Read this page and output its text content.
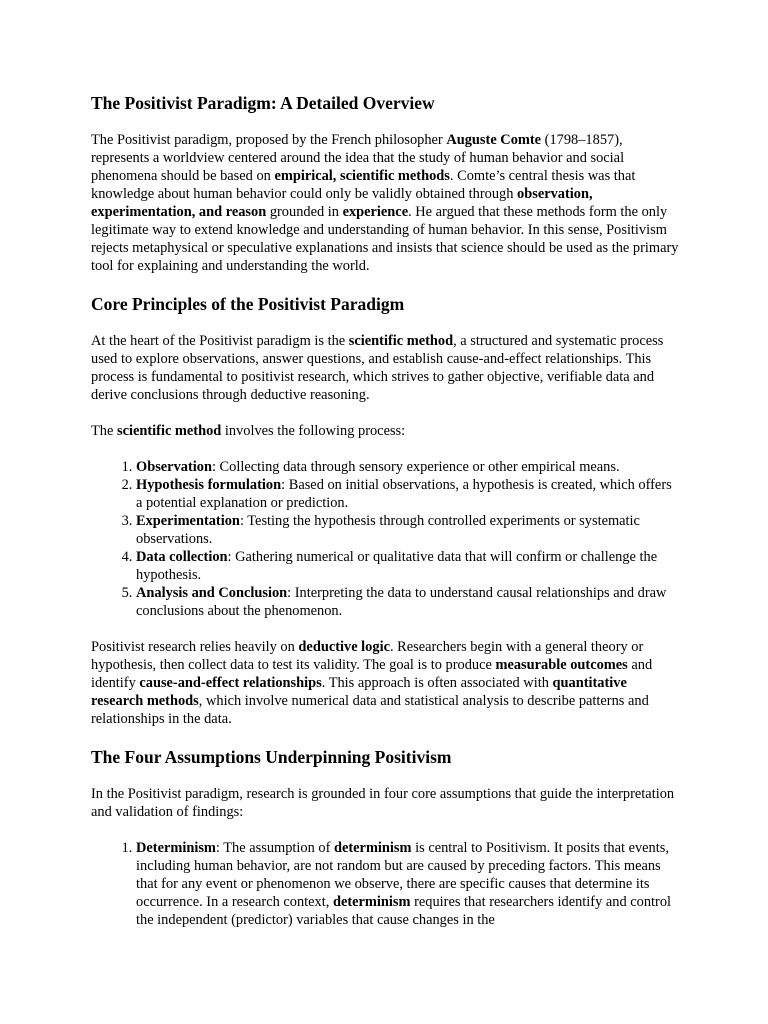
The Positivist Paradigm: A Detailed Overview

The Positivist paradigm, proposed by the French philosopher Auguste Comte (1798–1857), represents a worldview centered around the idea that the study of human behavior and social phenomena should be based on empirical, scientific methods. Comte’s central thesis was that knowledge about human behavior could only be validly obtained through observation, experimentation, and reason grounded in experience. He argued that these methods form the only legitimate way to extend knowledge and understanding of human behavior. In this sense, Positivism rejects metaphysical or speculative explanations and insists that science should be used as the primary tool for explaining and understanding the world.

Core Principles of the Positivist Paradigm

At the heart of the Positivist paradigm is the scientific method, a structured and systematic process used to explore observations, answer questions, and establish cause-and-effect relationships. This process is fundamental to positivist research, which strives to gather objective, verifiable data and derive conclusions through deductive reasoning.

The scientific method involves the following process:

1. Observation: Collecting data through sensory experience or other empirical means.
2. Hypothesis formulation: Based on initial observations, a hypothesis is created, which offers a potential explanation or prediction.
3. Experimentation: Testing the hypothesis through controlled experiments or systematic observations.
4. Data collection: Gathering numerical or qualitative data that will confirm or challenge the hypothesis.
5. Analysis and Conclusion: Interpreting the data to understand causal relationships and draw conclusions about the phenomenon.

Positivist research relies heavily on deductive logic. Researchers begin with a general theory or hypothesis, then collect data to test its validity. The goal is to produce measurable outcomes and identify cause-and-effect relationships. This approach is often associated with quantitative research methods, which involve numerical data and statistical analysis to describe patterns and relationships in the data.

The Four Assumptions Underpinning Positivism

In the Positivist paradigm, research is grounded in four core assumptions that guide the interpretation and validation of findings:

1. Determinism: The assumption of determinism is central to Positivism. It posits that events, including human behavior, are not random but are caused by preceding factors. This means that for any event or phenomenon we observe, there are specific causes that determine its occurrence. In a research context, determinism requires that researchers identify and control the independent (predictor) variables that cause changes in the
